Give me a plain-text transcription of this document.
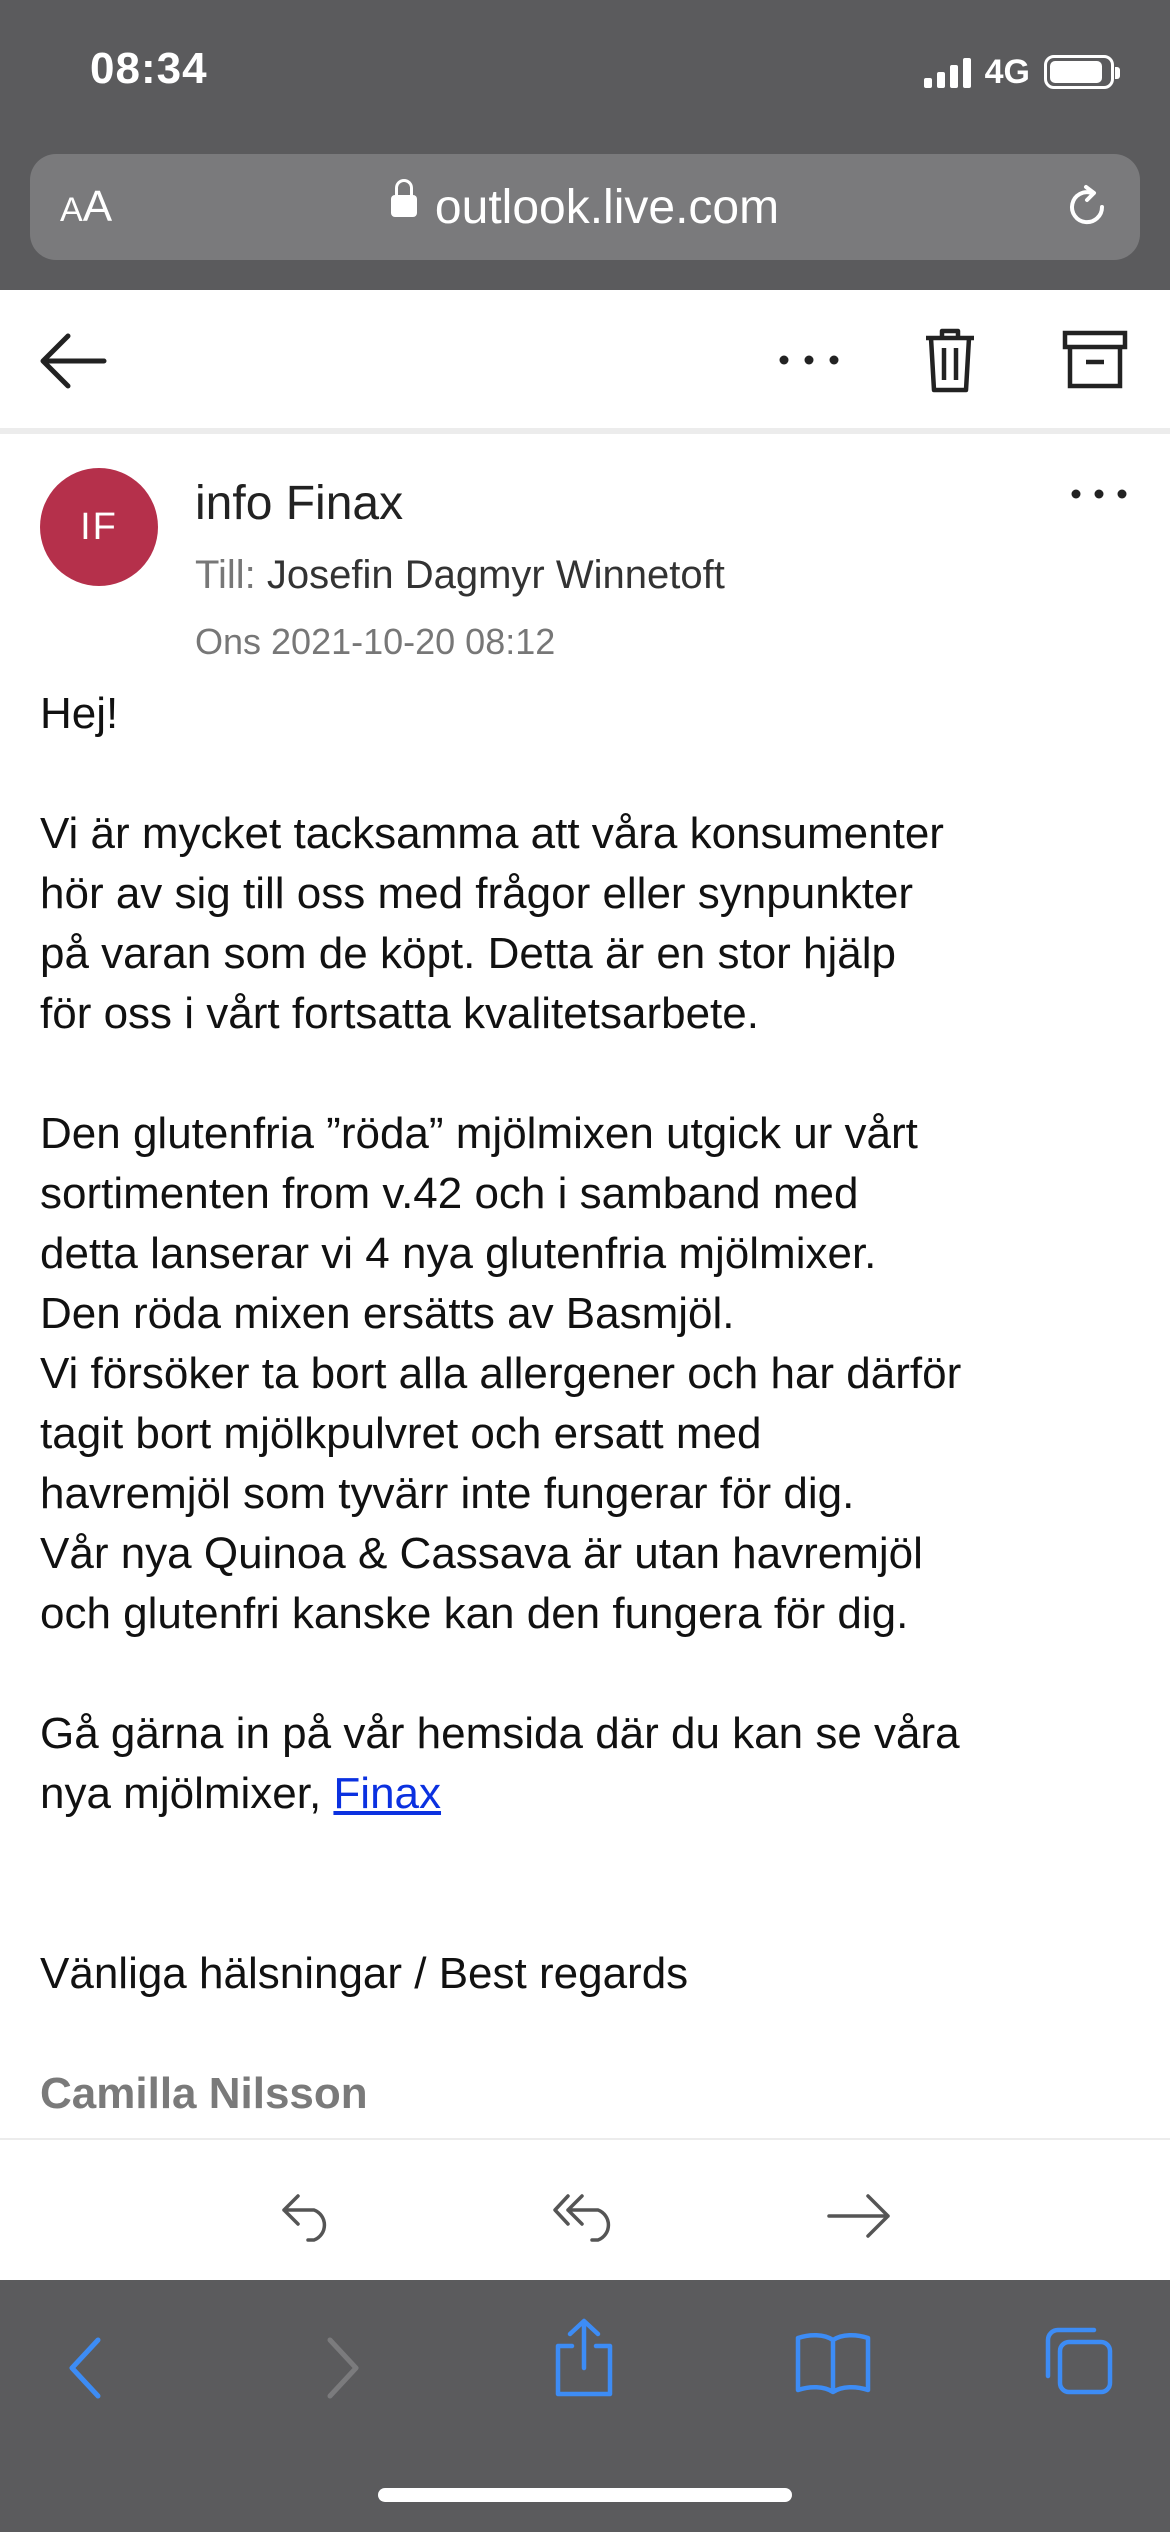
08:34	4G
AA	outlook.live.com
IF	info Finax
Till: Josefin Dagmyr Winnetoft
Ons 2021-10-20 08:12

Hej!

Vi är mycket tacksamma att våra konsumenter

hör av sig till oss med frågor eller synpunkter

på varan som de köpt. Detta är en stor hjälp

för oss i vårt fortsatta kvalitetsarbete.

Den glutenfria ”röda” mjölmixen utgick ur vårt

sortimenten from v.42 och i samband med

detta lanserar vi 4 nya glutenfria mjölmixer.

Den röda mixen ersätts av Basmjöl.

Vi försöker ta bort alla allergener och har därför

tagit bort mjölkpulvret och ersatt med

havremjöl som tyvärr inte fungerar för dig.

Vår nya Quinoa & Cassava är utan havremjöl

och glutenfri kanske kan den fungera för dig.

Gå gärna in på vår hemsida där du kan se våra

nya mjölmixer, Finax

Vänliga hälsningar / Best regards

Camilla Nilsson
